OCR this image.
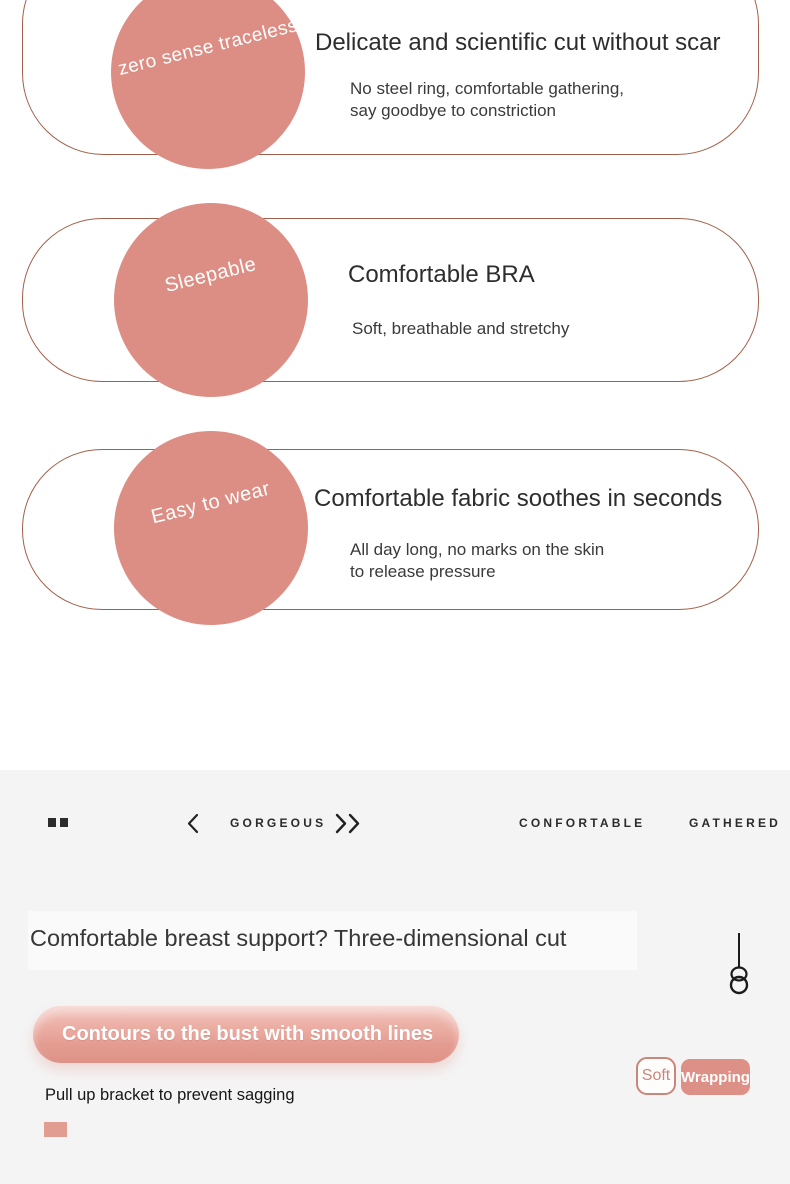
zero sense traceless Delicate and scientific cut without scar
No steel ring, comfortable gathering,
say goodbye to constriction
Sleepable	Comfortable BRA
Soft, breathable and stretchy
Easy to wear Comfortable fabric soothes in seconds
All day long, no marks on the skin
to release pressure
GORGEOUS	CONFORTABLE	GATHERED
Comfortable breast support? Three-dimensional cut
Contours to the bust with smooth lines
Pull up bracket to prevent sagging
Soft Wrapping
